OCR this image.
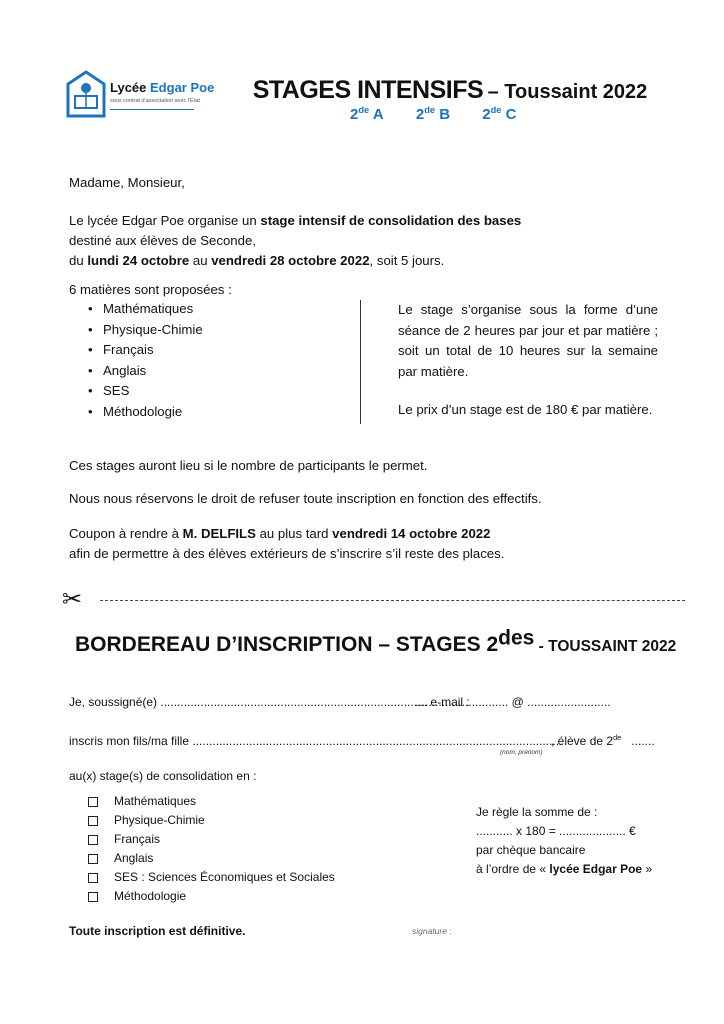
Lycée Edgar Poe
sous contrat d'association avec l'État	STAGES INTENSIFS – Toussaint 2022
2de A 2de B 2de C

Madame, Monsieur,

Le lycée Edgar Poe organise un stage intensif de consolidation des bases
destiné aux élèves de Seconde,
du lundi 24 octobre au vendredi 28 octobre 2022, soit 5 jours.

6 matières sont proposées :

• Mathématiques
• Physique-Chimie
• Français
• Anglais
• SES
• Méthodologie

Le stage s’organise sous la forme d’une séance de 2 heures par jour et par matière ; soit un total de 10 heures sur la semaine par matière.

Le prix d’un stage est de 180 € par matière.

Ces stages auront lieu si le nombre de participants le permet.

Nous nous réservons le droit de refuser toute inscription en fonction des effectifs.

Coupon à rendre à M. DELFILS au plus tard vendredi 14 octobre 2022
afin de permettre à des élèves extérieurs de s’inscrire s’il reste des places.
✂
BORDEREAU D’INSCRIPTION – STAGES $2^{des}$ - TOUSSAINT 2022

Je, soussigné(e) ................................................................................ e-mail :

............................ @ .........................

inscris mon fils/ma fille ...............................................................................................................

, élève de 2de   .......

(nom, prénom)

au(x) stage(s) de consolidation en :

Mathématiques
Physique-Chimie
Français
Anglais
SES : Sciences Économiques et Sociales
Méthodologie
Je règle la somme de :
........... x 180 = .................... €
par chèque bancaire
à l’ordre de « lycée Edgar Poe »

Toute inscription est définitive.	signature :
